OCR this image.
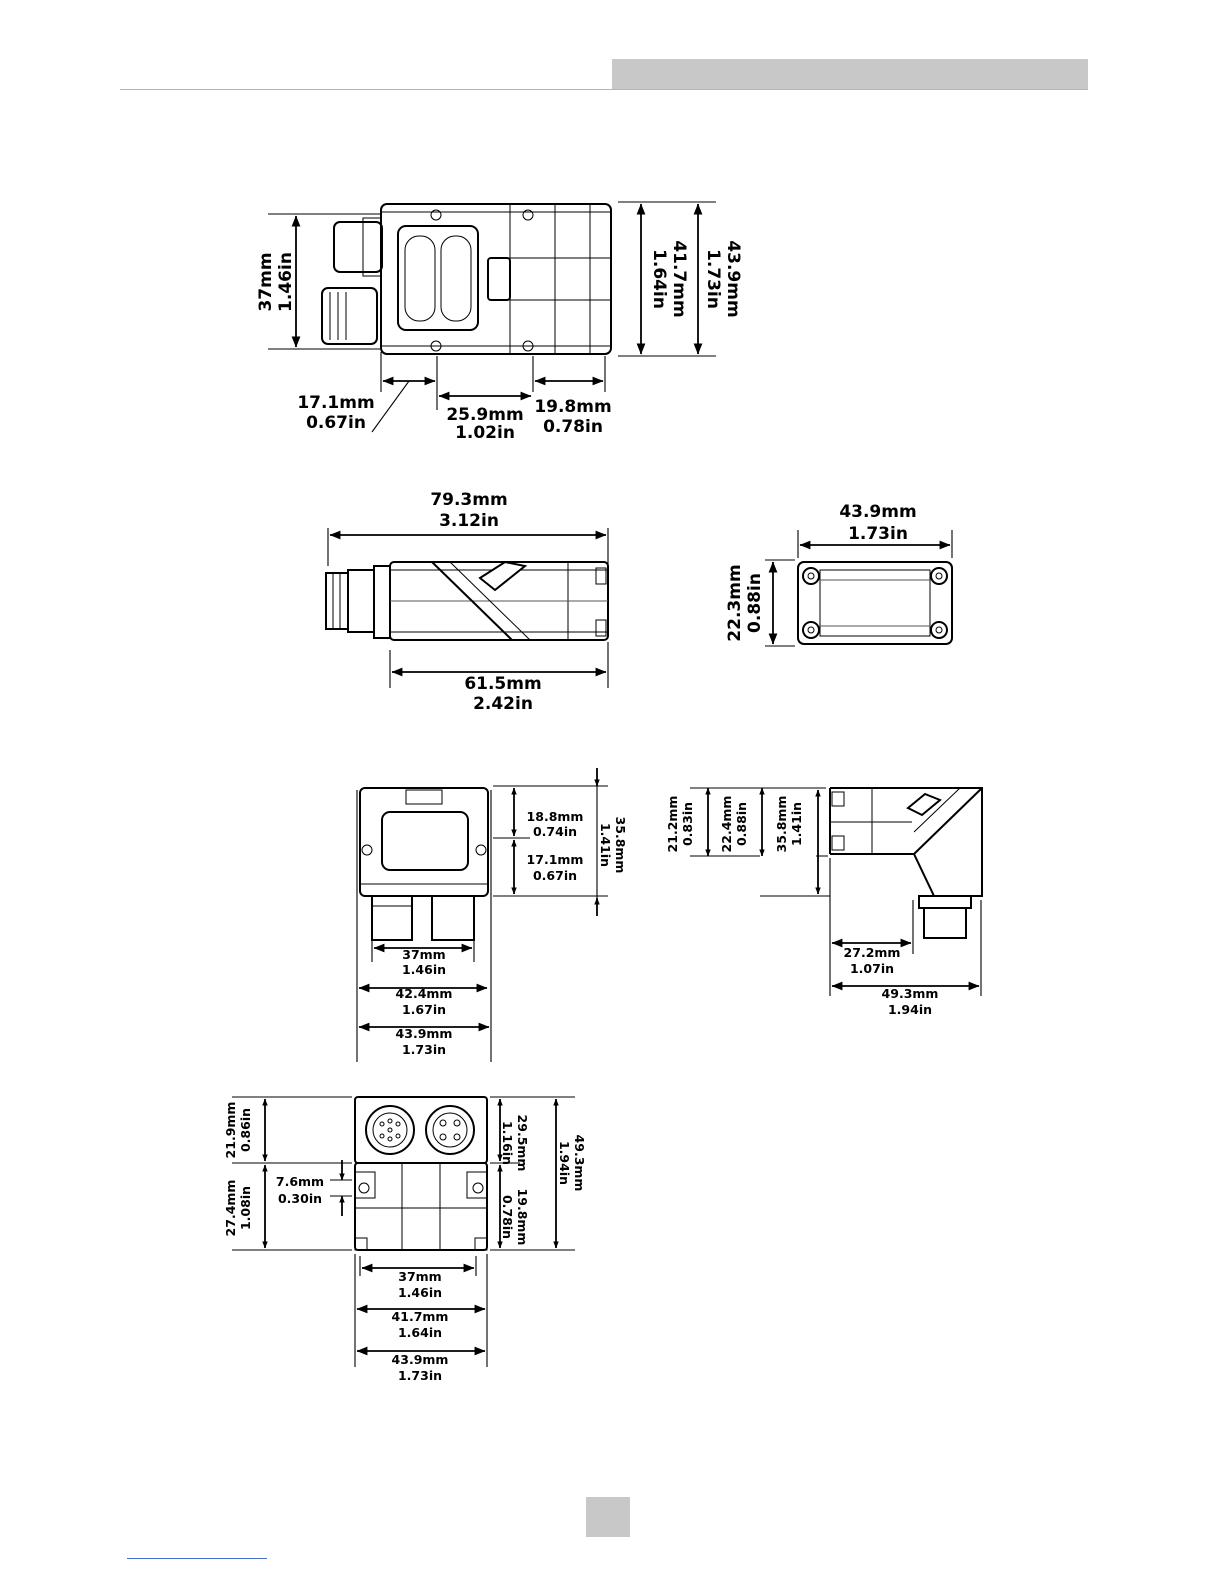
37mm 1.46in	41.7mm
1.64in	43.9mm
1.73in
17.1mm
0.67in	25.9mm
1.02in
19.8mm
0.78in
79.3mm
3.12in
61.5mm
2.42in
43.9mm
1.73in
22.3mm 0.88in
18.8mm
0.74in
17.1mm
0.67in
35.8mm
1.41in
37mm
1.46in
42.4mm
1.67in
43.9mm
1.73in
21.2mm 0.83in 22.4mm 0.88in 35.8mm 1.41in
27.2mm
1.07in
49.3mm
1.94in
21.9mm 0.86in
27.4mm 1.08in
7.6mm
0.30in
29.5mm
1.16in
19.8mm
0.78in
49.3mm
1.94in
37mm
1.46in
41.7mm
1.64in
43.9mm
1.73in
